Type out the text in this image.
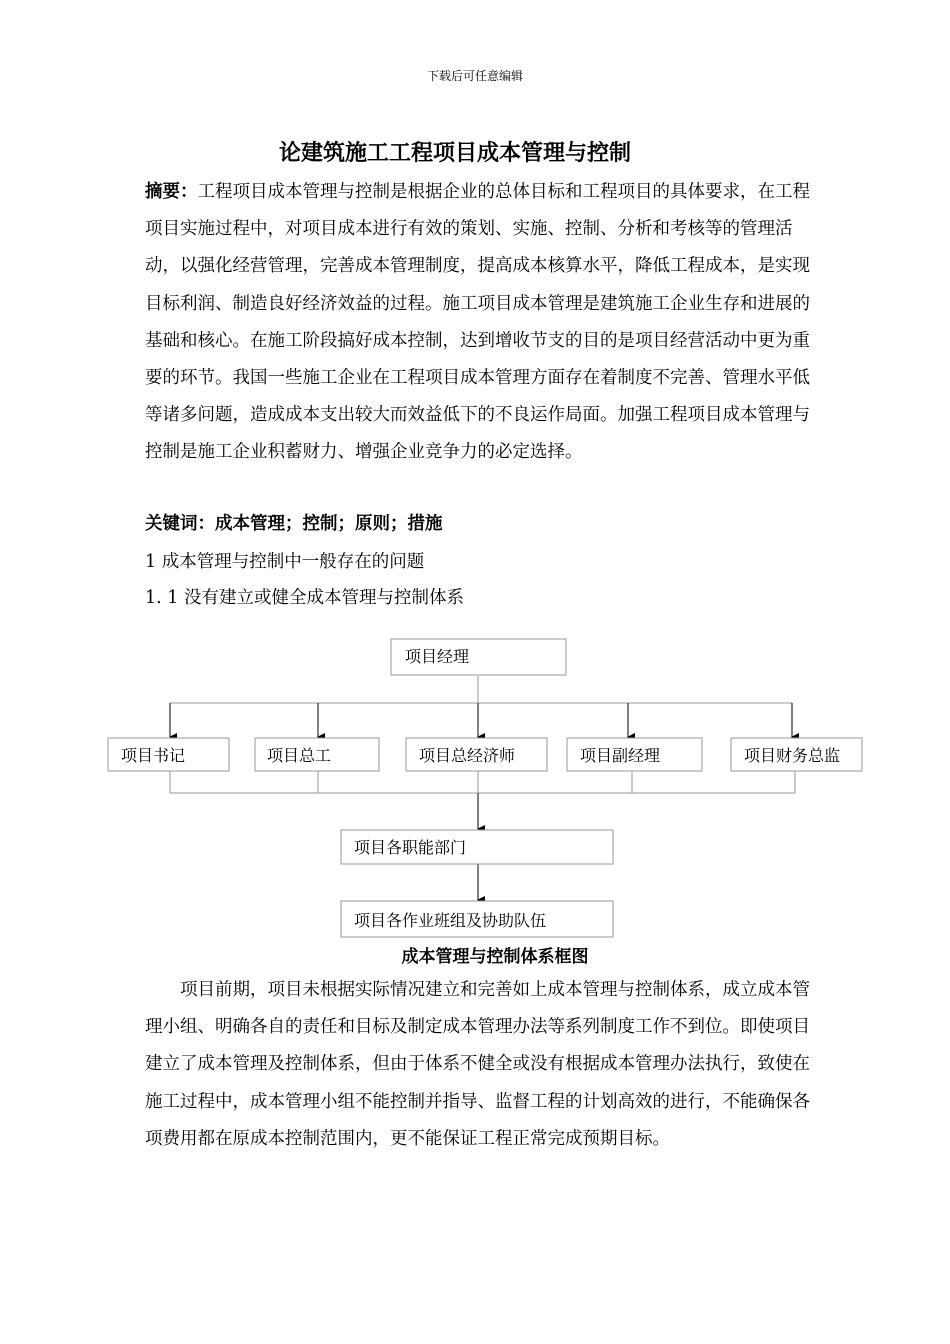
下载后可任意编辑
论建筑施工工程项目成本管理与控制
摘要：工程项目成本管理与控制是根据企业的总体目标和工程项目的具体要求，在工程项目实施过程中，对项目成本进行有效的策划、实施、控制、分析和考核等的管理活动，以强化经营管理，完善成本管理制度，提高成本核算水平，降低工程成本，是实现目标利润、制造良好经济效益的过程。施工项目成本管理是建筑施工企业生存和进展的基础和核心。在施工阶段搞好成本控制，达到增收节支的目的是项目经营活动中更为重要的环节。我国一些施工企业在工程项目成本管理方面存在着制度不完善、管理水平低等诸多问题，造成成本支出较大而效益低下的不良运作局面。加强工程项目成本管理与控制是施工企业积蓄财力、增强企业竞争力的必定选择。
关键词：成本管理；控制；原则；措施
1 成本管理与控制中一般存在的问题
1. 1 没有建立或健全成本管理与控制体系
项目经理
项目书记	项目总工	项目总经济师	项目副经理	项目财务总监
项目各职能部门
项目各作业班组及协助队伍
成本管理与控制体系框图
项目前期，项目未根据实际情况建立和完善如上成本管理与控制体系，成立成本管理小组、明确各自的责任和目标及制定成本管理办法等系列制度工作不到位。即使项目建立了成本管理及控制体系，但由于体系不健全或没有根据成本管理办法执行，致使在施工过程中，成本管理小组不能控制并指导、监督工程的计划高效的进行，不能确保各项费用都在原成本控制范围内，更不能保证工程正常完成预期目标。
